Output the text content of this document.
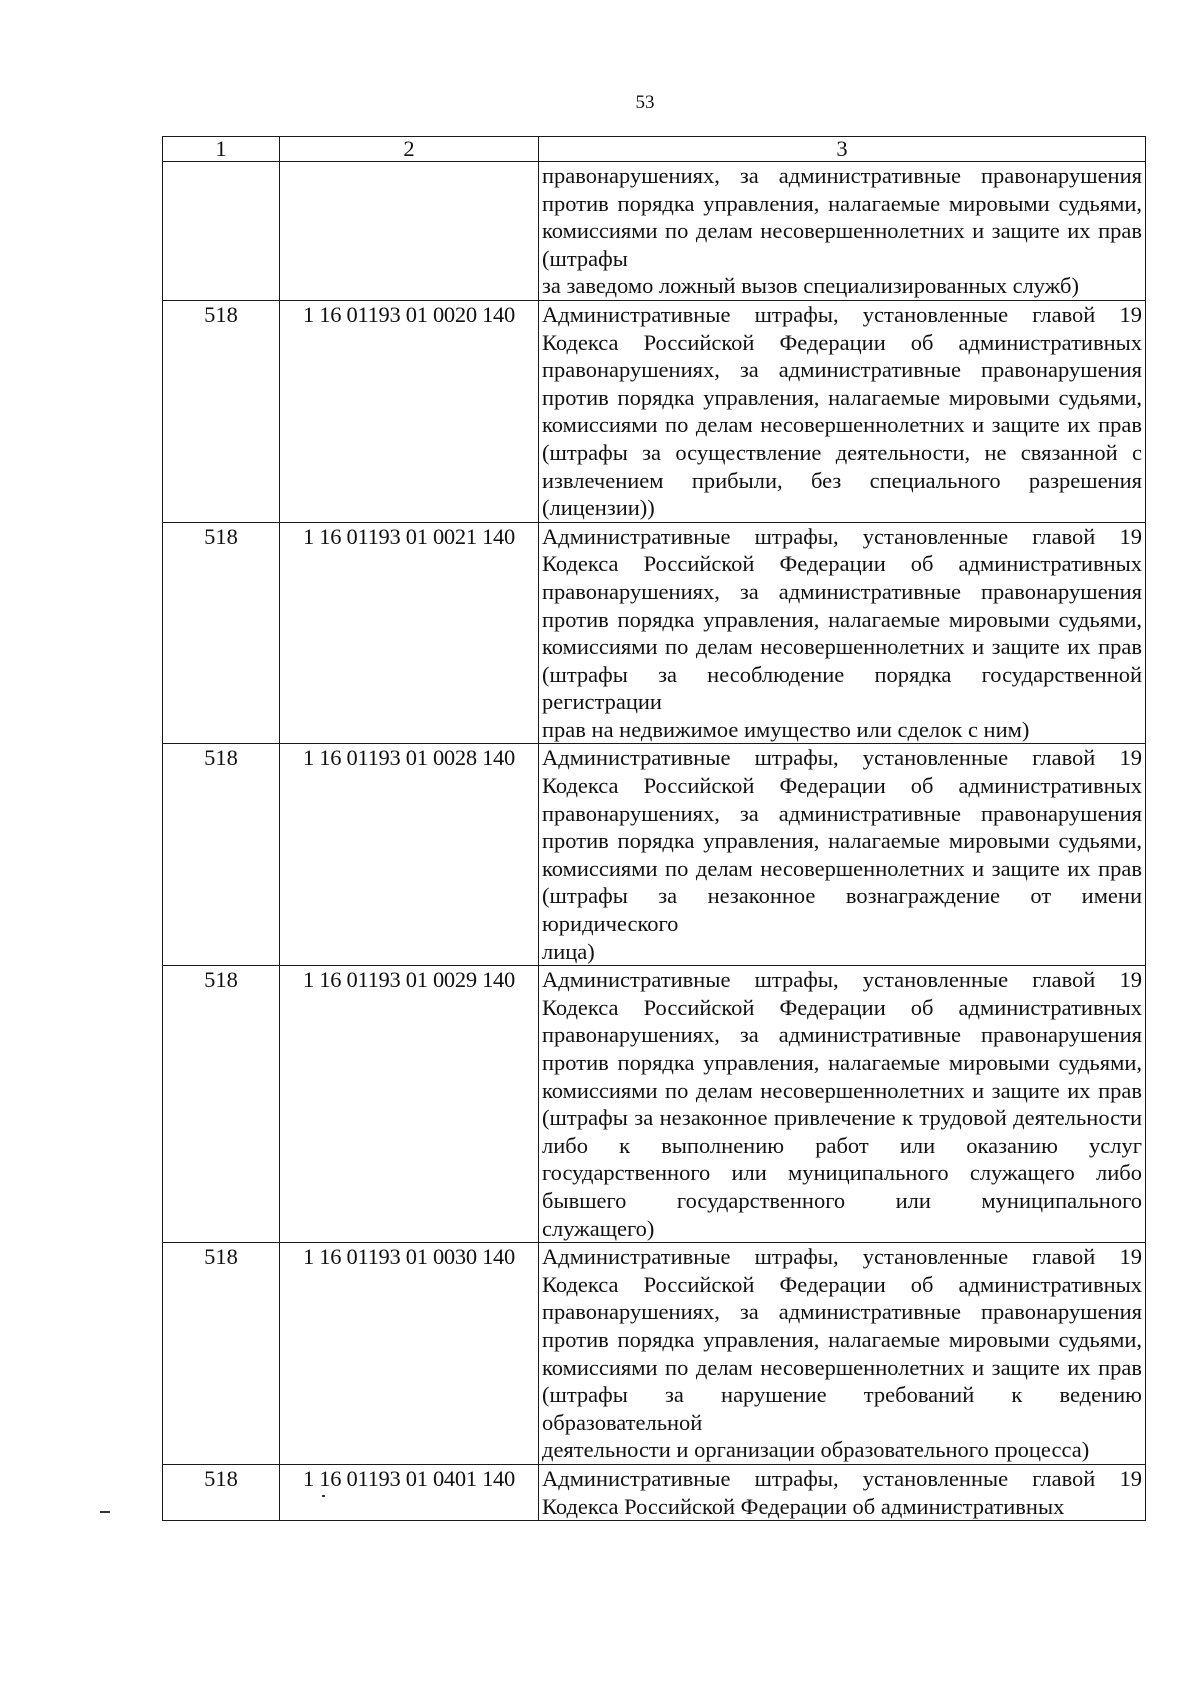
53
1	2	3

		правонарушениях, за административные правонарушения против порядка управления, налагаемые мировыми судьями, комиссиями по делам несовершеннолетних и защите их прав (штрафы
за заведомо ложный вызов специализированных служб)

518	1 16 01193 01 0020 140	Административные штрафы, установленные главой 19 Кодекса Российской Федерации об административных правонарушениях, за административные правонарушения против порядка управления, налагаемые мировыми судьями, комиссиями по делам несовершеннолетних и защите их прав (штрафы за осуществление деятельности, не связанной с извлечением прибыли, без специального разрешения
(лицензии))

518	1 16 01193 01 0021 140	Административные штрафы, установленные главой 19 Кодекса Российской Федерации об административных правонарушениях, за административные правонарушения против порядка управления, налагаемые мировыми судьями, комиссиями по делам несовершеннолетних и защите их прав (штрафы за несоблюдение порядка государственной регистрации
прав на недвижимое имущество или сделок с ним)

518	1 16 01193 01 0028 140	Административные штрафы, установленные главой 19 Кодекса Российской Федерации об административных правонарушениях, за административные правонарушения против порядка управления, налагаемые мировыми судьями, комиссиями по делам несовершеннолетних и защите их прав (штрафы за незаконное вознаграждение от имени юридического
лица)

518	1 16 01193 01 0029 140	Административные штрафы, установленные главой 19 Кодекса Российской Федерации об административных правонарушениях, за административные правонарушения против порядка управления, налагаемые мировыми судьями, комиссиями по делам несовершеннолетних и защите их прав (штрафы за незаконное привлечение к трудовой деятельности либо к выполнению работ или оказанию услуг государственного или муниципального служащего либо бывшего государственного или муниципального
служащего)

518	1 16 01193 01 0030 140	Административные штрафы, установленные главой 19 Кодекса Российской Федерации об административных правонарушениях, за административные правонарушения против порядка управления, налагаемые мировыми судьями, комиссиями по делам несовершеннолетних и защите их прав (штрафы за нарушение требований к ведению образовательной
деятельности и организации образовательного процесса)

518	1 16 01193 01 0401 140	Административные штрафы, установленные главой 19
Кодекса Российской Федерации об административных
